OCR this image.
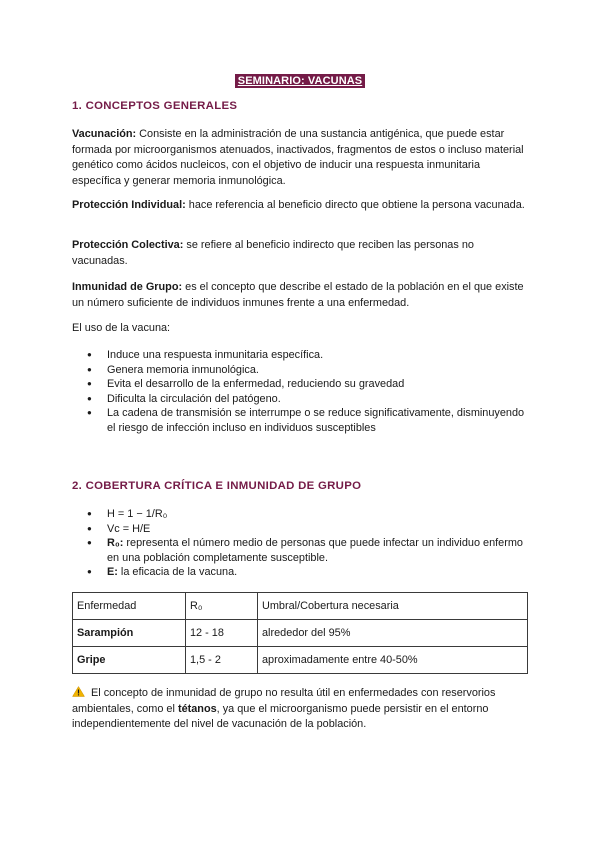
SEMINARIO: VACUNAS
1. CONCEPTOS GENERALES
Vacunación: Consiste en la administración de una sustancia antigénica, que puede estar formada por microorganismos atenuados, inactivados, fragmentos de estos o incluso material genético como ácidos nucleicos, con el objetivo de inducir una respuesta inmunitaria específica y generar memoria inmunológica.
Protección Individual: hace referencia al beneficio directo que obtiene la persona vacunada.
Protección Colectiva: se refiere al beneficio indirecto que reciben las personas no vacunadas.
Inmunidad de Grupo: es el concepto que describe el estado de la población en el que existe un número suficiente de individuos inmunes frente a una enfermedad.
El uso de la vacuna:
● Induce una respuesta inmunitaria específica.
● Genera memoria inmunológica.
● Evita el desarrollo de la enfermedad, reduciendo su gravedad
● Dificulta la circulación del patógeno.
● La cadena de transmisión se interrumpe o se reduce significativamente, disminuyendo el riesgo de infección incluso en individuos susceptibles
2. COBERTURA CRÍTICA E INMUNIDAD DE GRUPO
● H = 1 − 1/R₀
● Vc = H/E
● R₀: representa el número medio de personas que puede infectar un individuo enfermo en una población completamente susceptible.
● E: la eficacia de la vacuna.
Enfermedad	R₀	Umbral/Cobertura necesaria
Sarampión	12 - 18	alrededor del 95%
Gripe	1,5 - 2	aproximadamente entre 40-50%
El concepto de inmunidad de grupo no resulta útil en enfermedades con reservorios ambientales, como el tétanos, ya que el microorganismo puede persistir en el entorno independientemente del nivel de vacunación de la población.
